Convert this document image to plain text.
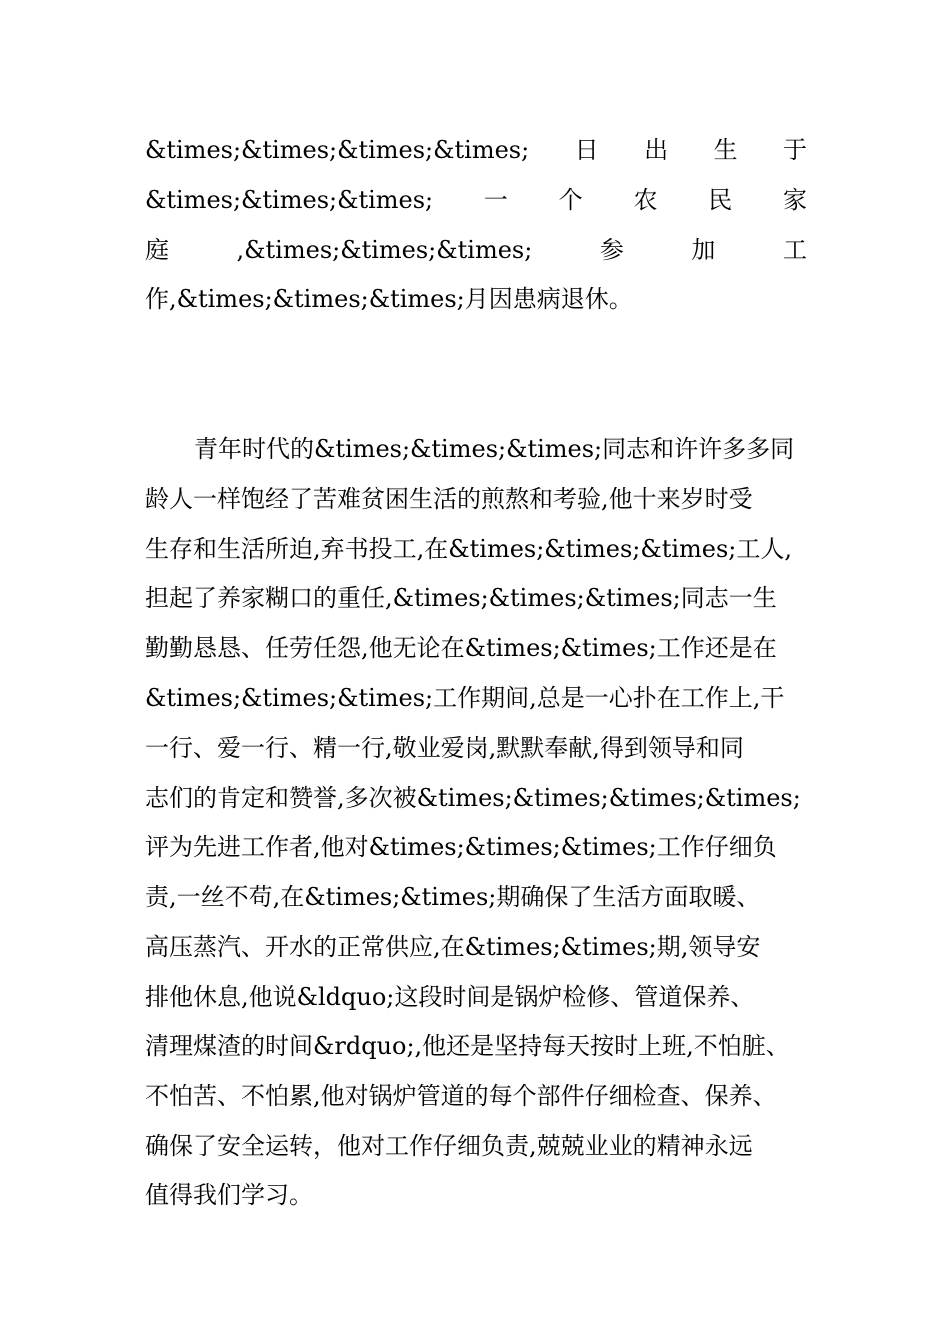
&times;&times;&times;&times; 日 出 生 于
&times;&times;&times; 一 个 农 民 家
庭	,&times;&times;&times;	参	加	工
作,&times;&times;&times;月因患病退休。
青年时代的&times;&times;&times;同志和许许多多同
龄人一样饱经了苦难贫困生活的煎熬和考验,他十来岁时受
生存和生活所迫,弃书投工,在&times;&times;&times;工人,
担起了养家糊口的重任,&times;&times;&times;同志一生
勤勤恳恳、任劳任怨,他无论在&times;&times;工作还是在
&times;&times;&times;工作期间,总是一心扑在工作上,干
一行、爱一行、精一行,敬业爱岗,默默奉献,得到领导和同
志们的肯定和赞誉,多次被&times;&times;&times;&times;
评为先进工作者,他对&times;&times;&times;工作仔细负
责,一丝不苟,在&times;&times;期确保了生活方面取暖、
高压蒸汽、开水的正常供应,在&times;&times;期,领导安
排他休息,他说&ldquo;这段时间是锅炉检修、管道保养、
清理煤渣的时间&rdquo;,他还是坚持每天按时上班,不怕脏、
不怕苦、不怕累,他对锅炉管道的每个部件仔细检查、保养、
确保了安全运转，他对工作仔细负责,兢兢业业的精神永远
值得我们学习。
